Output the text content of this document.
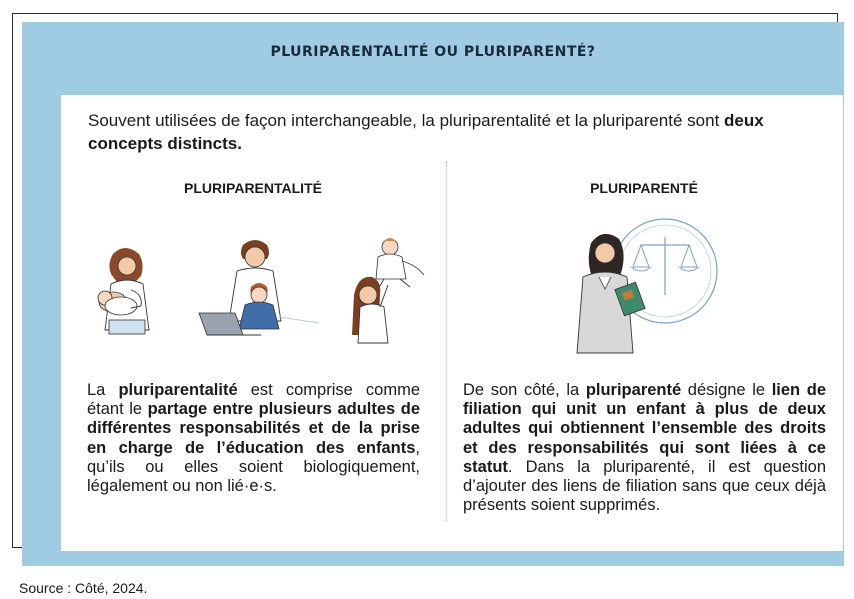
PLURIPARENTALITÉ OU PLURIPARENTÉ?
Souvent utilisées de façon interchangeable, la pluriparentalité et la pluriparenté sont deux concepts distincts.
PLURIPARENTALITÉ	PLURIPARENTÉ
La pluriparentalité est comprise comme étant le partage entre plusieurs adultes de différentes responsabilités et de la prise en charge de l’éducation des enfants, qu’ils ou elles soient biologiquement, légalement ou non lié·e·s.
De son côté, la pluriparenté désigne le lien de filiation qui unit un enfant à plus de deux adultes qui obtiennent l’ensemble des droits et des responsabilités qui sont liées à ce statut. Dans la pluriparenté, il est question d’ajouter des liens de filiation sans que ceux déjà présents soient supprimés.
Source : Côté, 2024.
